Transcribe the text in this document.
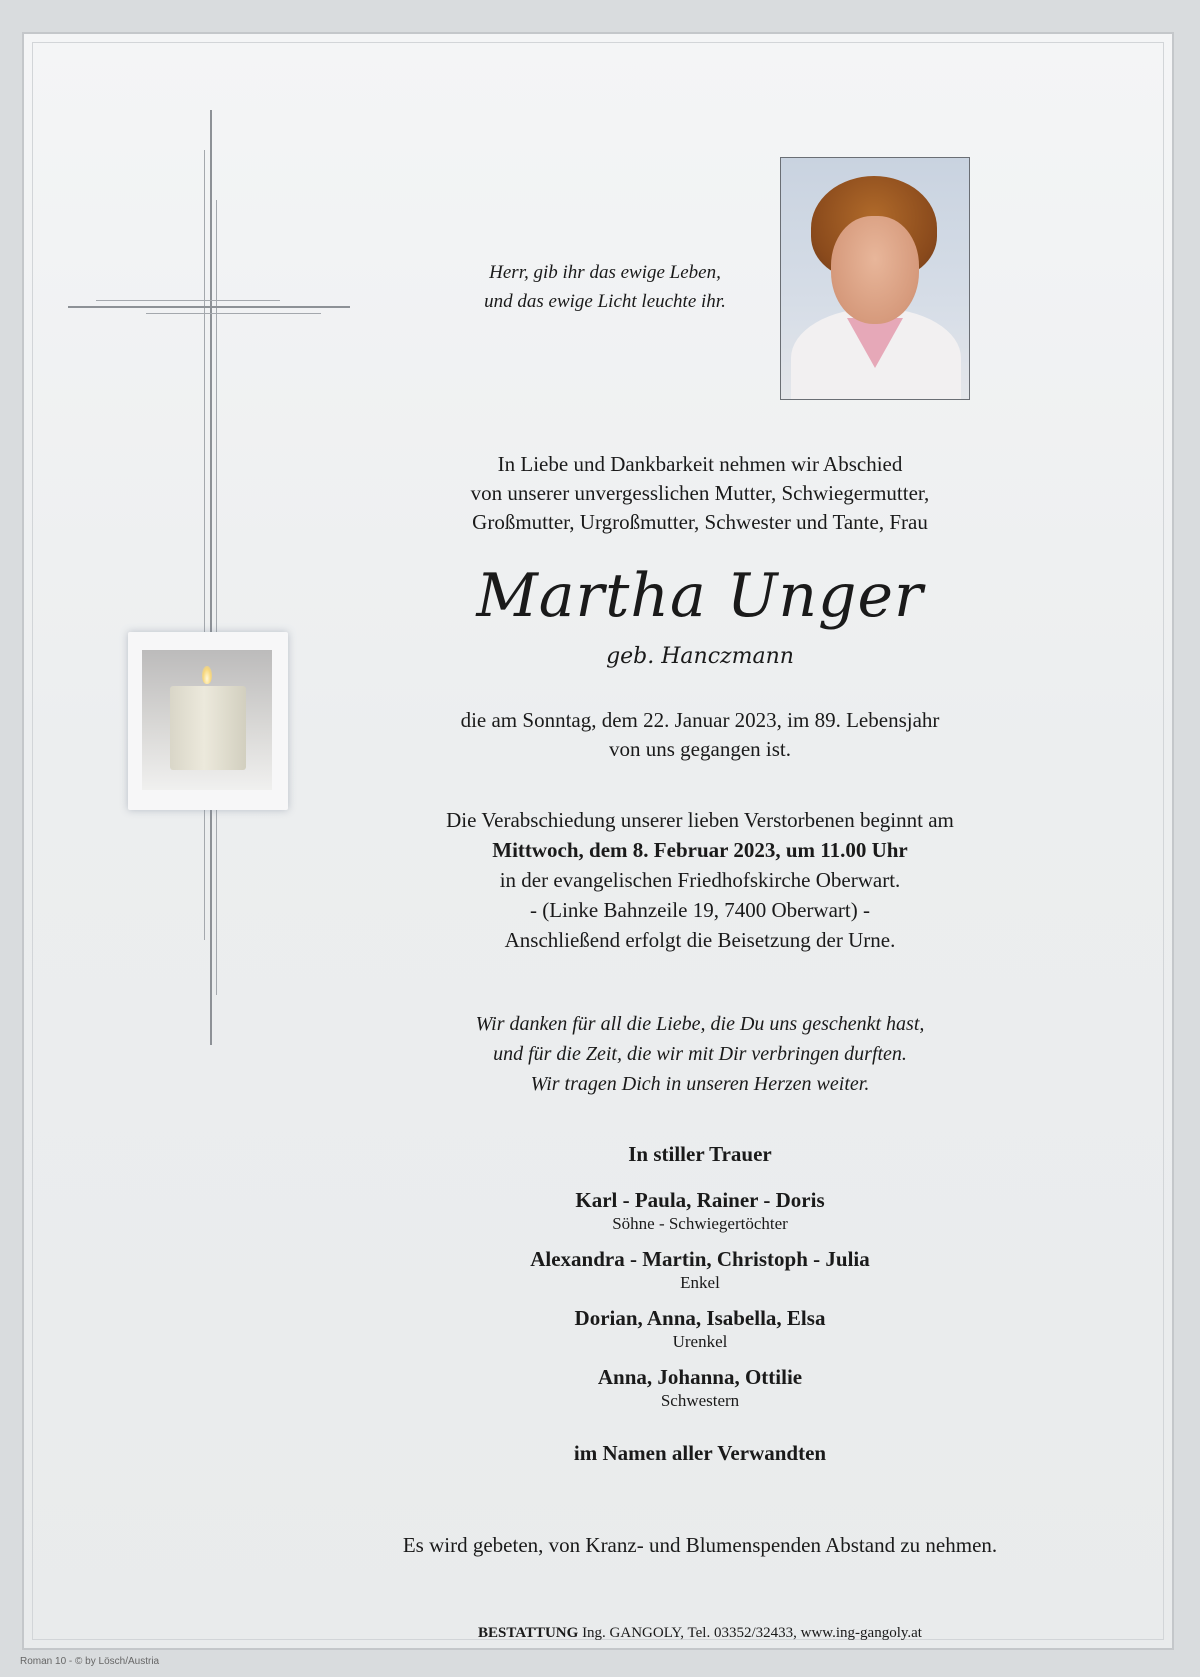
Herr, gib ihr das ewige Leben,
und das ewige Licht leuchte ihr.
In Liebe und Dankbarkeit nehmen wir Abschied
von unserer unvergesslichen Mutter, Schwiegermutter,
Großmutter, Urgroßmutter, Schwester und Tante, Frau
Martha Unger
geb. Hanczmann
die am Sonntag, dem 22. Januar 2023, im 89. Lebensjahr
von uns gegangen ist.
Die Verabschiedung unserer lieben Verstorbenen beginnt am
Mittwoch, dem 8. Februar 2023, um 11.00 Uhr
in der evangelischen Friedhofskirche Oberwart.
- (Linke Bahnzeile 19, 7400 Oberwart) -
Anschließend erfolgt die Beisetzung der Urne.
Wir danken für all die Liebe, die Du uns geschenkt hast,
und für die Zeit, die wir mit Dir verbringen durften.
Wir tragen Dich in unseren Herzen weiter.
In stiller Trauer
Karl - Paula, Rainer - Doris
Söhne - Schwiegertöchter
Alexandra - Martin, Christoph - Julia
Enkel
Dorian, Anna, Isabella, Elsa
Urenkel
Anna, Johanna, Ottilie
Schwestern
im Namen aller Verwandten
Es wird gebeten, von Kranz- und Blumenspenden Abstand zu nehmen.
BESTATTUNG Ing. GANGOLY, Tel. 03352/32433, www.ing-gangoly.at
Roman 10 - © by Lösch/Austria
